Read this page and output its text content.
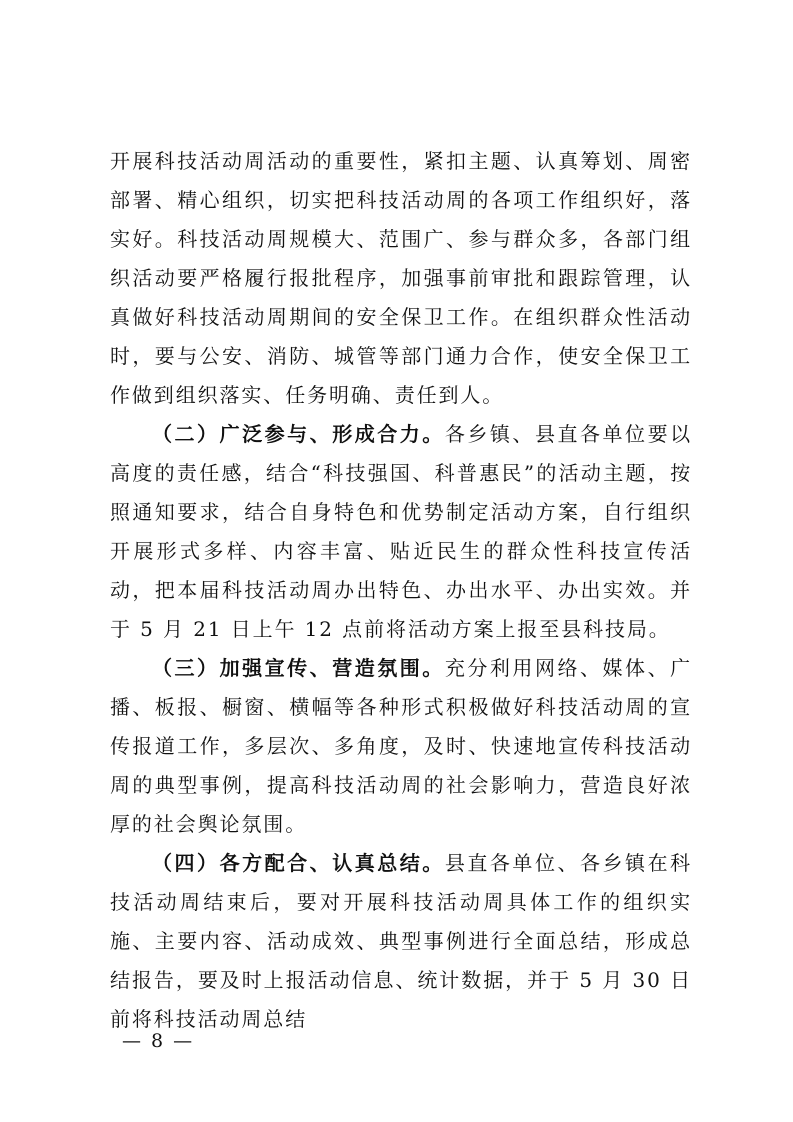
开展科技活动周活动的重要性，紧扣主题、认真筹划、周密部署、精心组织，切实把科技活动周的各项工作组织好，落实好。科技活动周规模大、范围广、参与群众多，各部门组织活动要严格履行报批程序，加强事前审批和跟踪管理，认真做好科技活动周期间的安全保卫工作。在组织群众性活动时，要与公安、消防、城管等部门通力合作，使安全保卫工作做到组织落实、任务明确、责任到人。

（二）广泛参与、形成合力。各乡镇、县直各单位要以高度的责任感，结合“科技强国、科普惠民”的活动主题，按照通知要求，结合自身特色和优势制定活动方案，自行组织开展形式多样、内容丰富、贴近民生的群众性科技宣传活动，把本届科技活动周办出特色、办出水平、办出实效。并于 5 月 21 日上午 12 点前将活动方案上报至县科技局。

（三）加强宣传、营造氛围。充分利用网络、媒体、广播、板报、橱窗、横幅等各种形式积极做好科技活动周的宣传报道工作，多层次、多角度，及时、快速地宣传科技活动周的典型事例，提高科技活动周的社会影响力，营造良好浓厚的社会舆论氛围。

（四）各方配合、认真总结。县直各单位、各乡镇在科技活动周结束后，要对开展科技活动周具体工作的组织实施、主要内容、活动成效、典型事例进行全面总结，形成总结报告，要及时上报活动信息、统计数据，并于 5 月 30 日前将科技活动周总结

— 8 —
